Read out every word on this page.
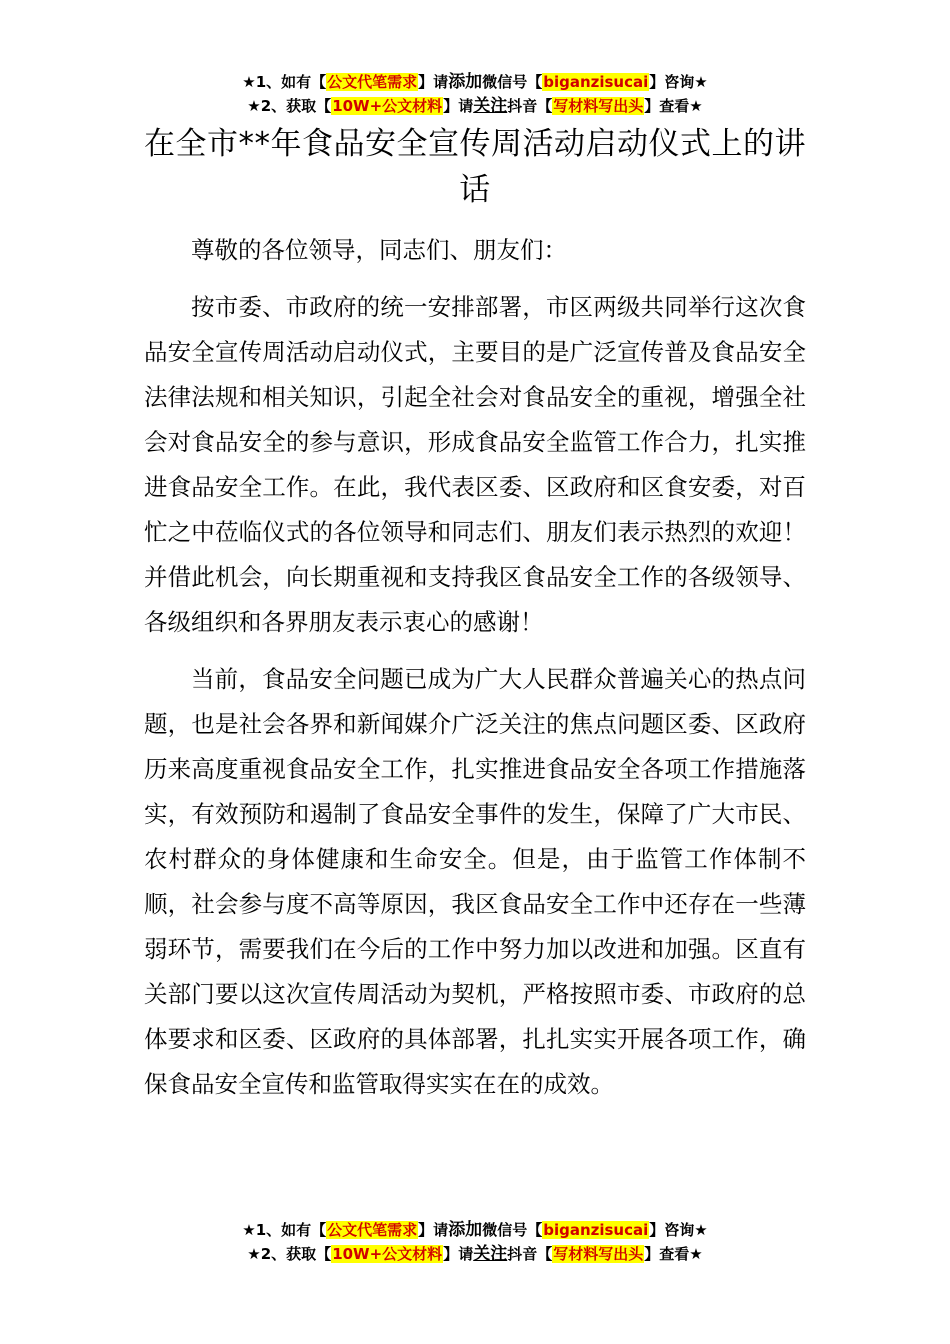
★1、如有【公文代笔需求】请添加微信号【biganzisucai】咨询★
★2、获取【10W+公文材料】请关注抖音【写材料写出头】查看★
在全市**年食品安全宣传周活动启动仪式上的讲话

尊敬的各位领导，同志们、朋友们：

按市委、市政府的统一安排部署，市区两级共同举行这次食品安全宣传周活动启动仪式，主要目的是广泛宣传普及食品安全法律法规和相关知识，引起全社会对食品安全的重视，增强全社会对食品安全的参与意识，形成食品安全监管工作合力，扎实推进食品安全工作。在此，我代表区委、区政府和区食安委，对百忙之中莅临仪式的各位领导和同志们、朋友们表示热烈的欢迎！并借此机会，向长期重视和支持我区食品安全工作的各级领导、各级组织和各界朋友表示衷心的感谢！

当前，食品安全问题已成为广大人民群众普遍关心的热点问题，也是社会各界和新闻媒介广泛关注的焦点问题区委、区政府历来高度重视食品安全工作，扎实推进食品安全各项工作措施落实，有效预防和遏制了食品安全事件的发生，保障了广大市民、农村群众的身体健康和生命安全。但是，由于监管工作体制不顺，社会参与度不高等原因，我区食品安全工作中还存在一些薄弱环节，需要我们在今后的工作中努力加以改进和加强。区直有关部门要以这次宣传周活动为契机，严格按照市委、市政府的总体要求和区委、区政府的具体部署，扎扎实实开展各项工作，确保食品安全宣传和监管取得实实在在的成效。

★1、如有【公文代笔需求】请添加微信号【biganzisucai】咨询★
★2、获取【10W+公文材料】请关注抖音【写材料写出头】查看★
